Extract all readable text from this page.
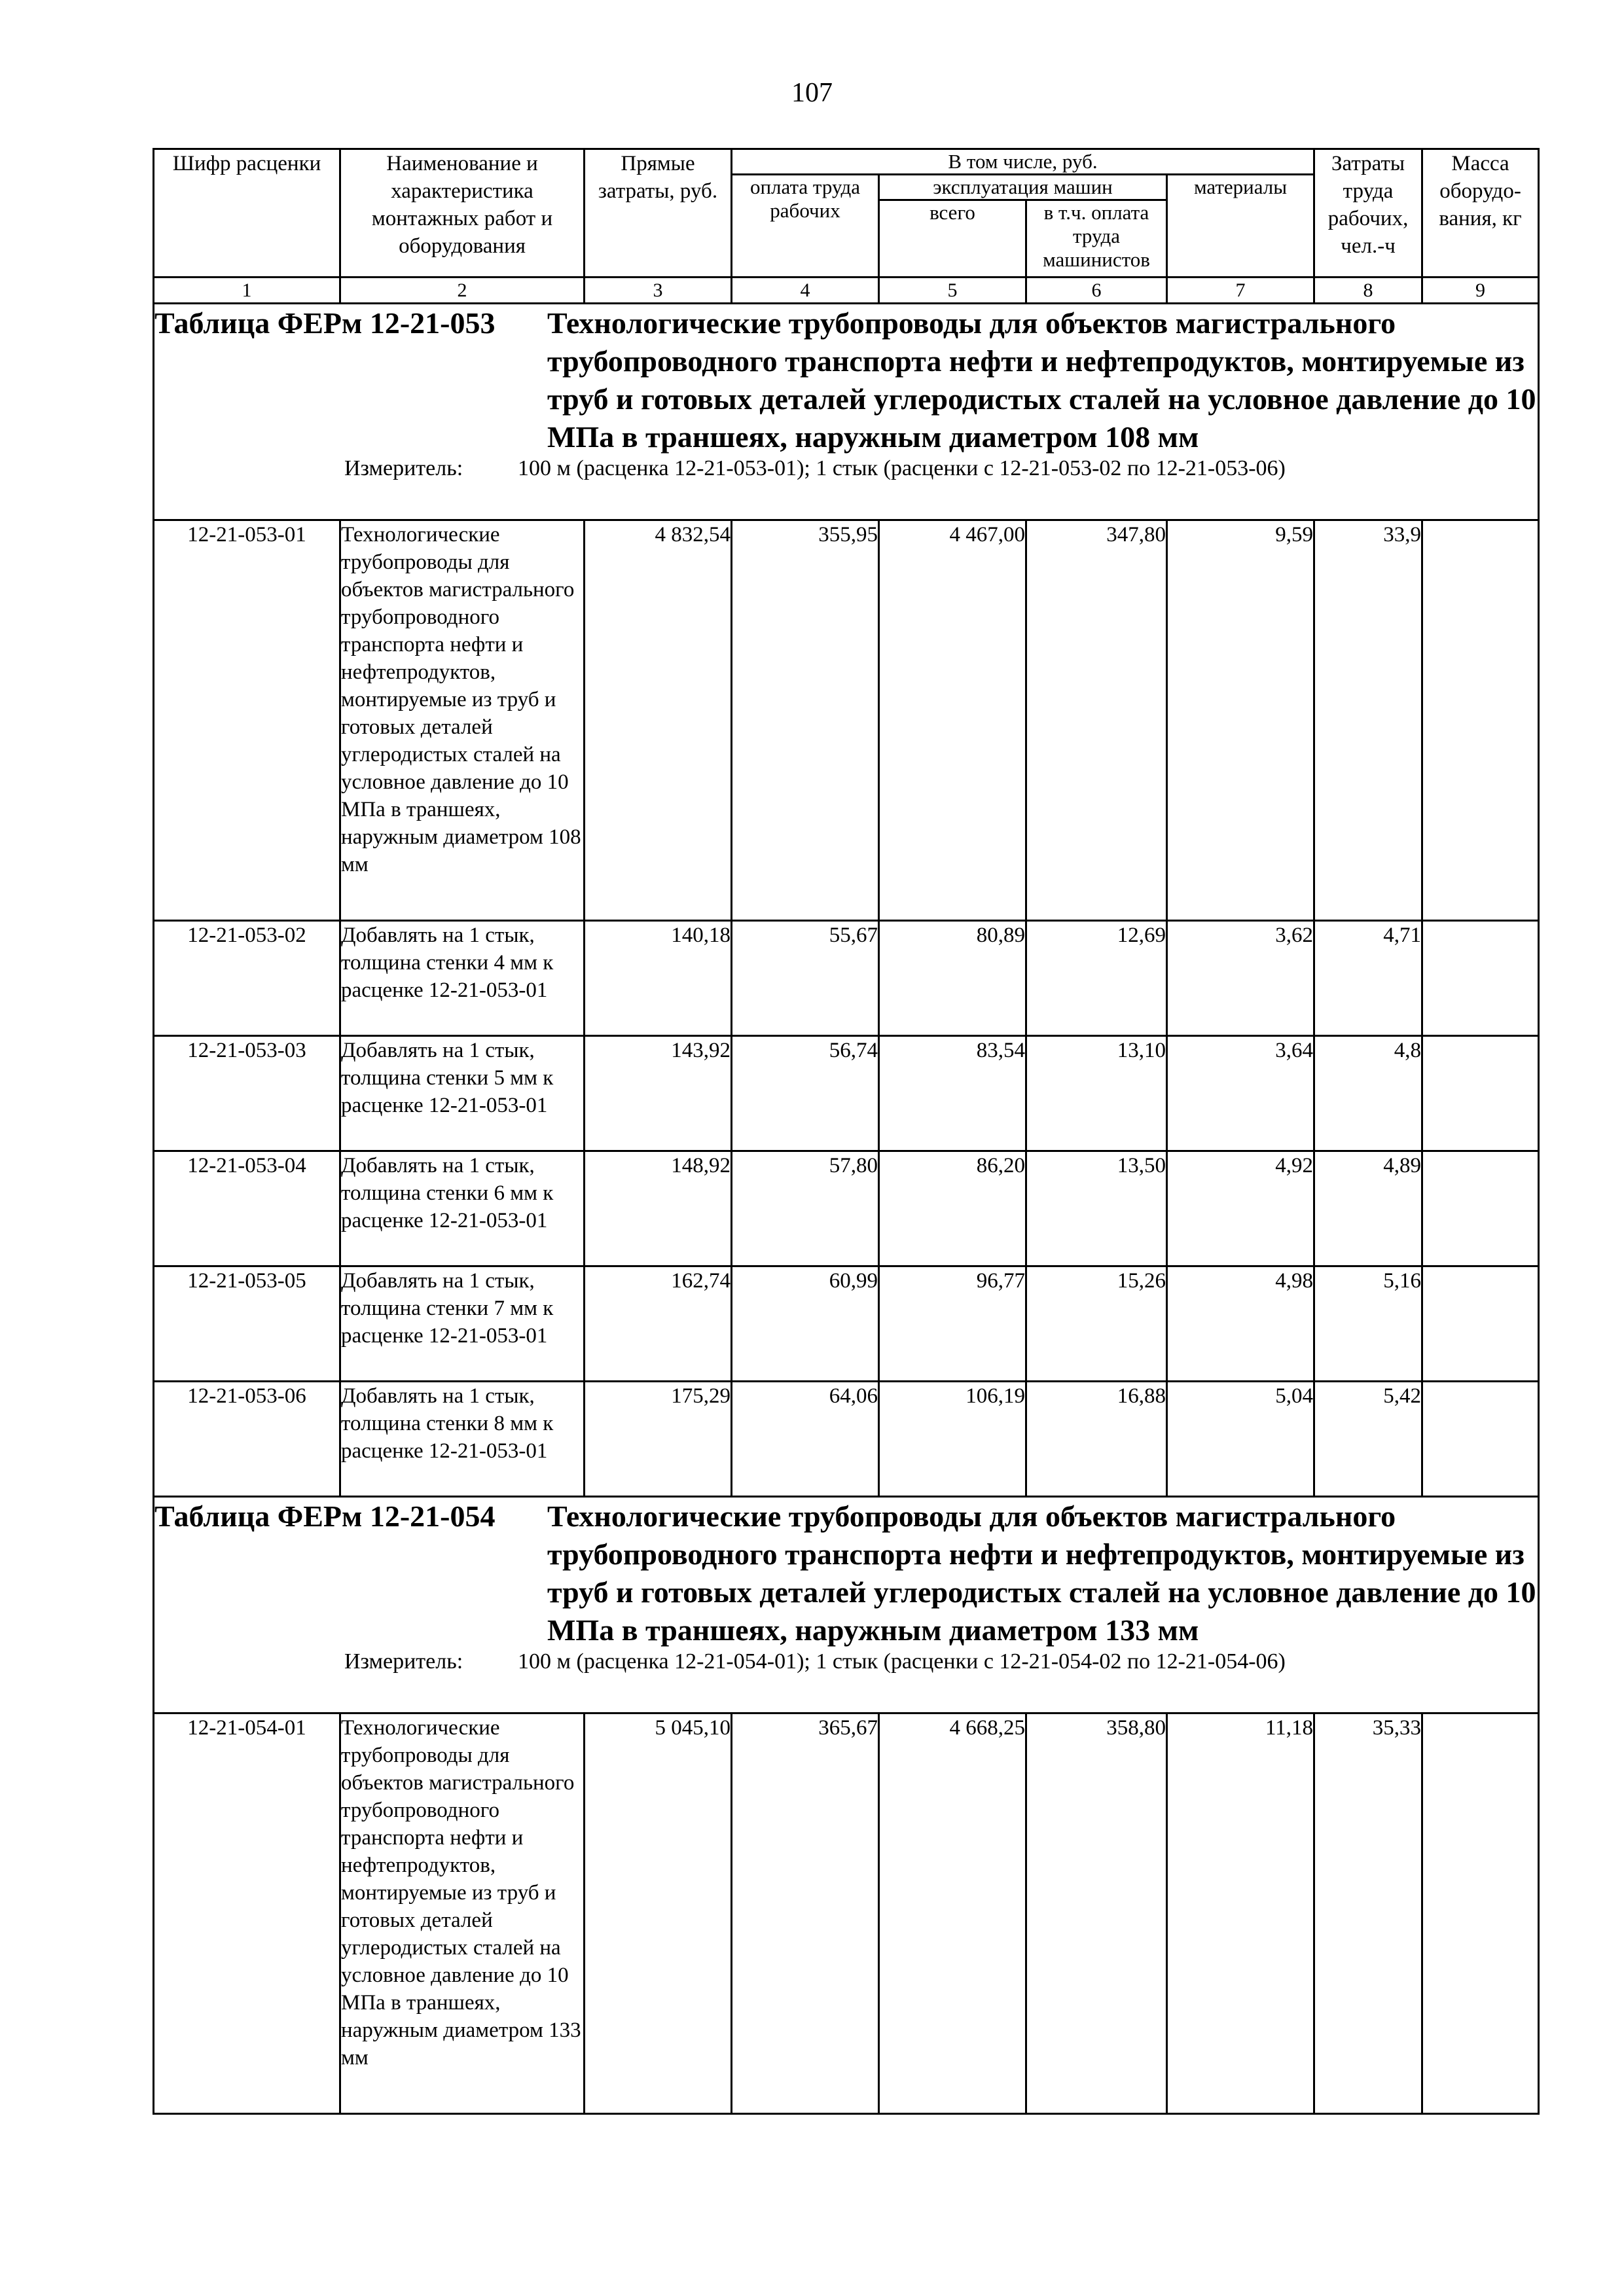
107
Шифр расценки	Наименование и характеристика монтажных работ и оборудования	Прямые затраты, руб.	В том числе, руб.				Затраты труда рабочих, чел.-ч	Масса оборудо-вания, кг
			оплата труда рабочих	эксплуатация машин		материалы		
				всего	в т.ч. оплата труда машинистов			
1	2	3	4	5	6	7	8	9

Таблица ФЕРм 12-21-053 Технологические трубопроводы для объектов магистрального трубопроводного транспорта нефти и нефтепродуктов, монтируемые из труб и готовых деталей углеродистых сталей на условное давление до 10 МПа в траншеях, наружным диаметром 108 мм
Измеритель: 100 м (расценка 12-21-053-01); 1 стык (расценки с 12-21-053-02 по 12-21-053-06)								

12-21-053-01	Технологические трубопроводы для объектов магистрального трубопроводного транспорта нефти и нефтепродуктов, монтируемые из труб и готовых деталей углеродистых сталей на условное давление до 10 МПа в траншеях, наружным диаметром 108 мм	4 832,54	355,95	4 467,00	347,80	9,59	33,9	
12-21-053-02	Добавлять на 1 стык, толщина стенки 4 мм к расценке 12-21-053-01	140,18	55,67	80,89	12,69	3,62	4,71	
12-21-053-03	Добавлять на 1 стык, толщина стенки 5 мм к расценке 12-21-053-01	143,92	56,74	83,54	13,10	3,64	4,8	
12-21-053-04	Добавлять на 1 стык, толщина стенки 6 мм к расценке 12-21-053-01	148,92	57,80	86,20	13,50	4,92	4,89	
12-21-053-05	Добавлять на 1 стык, толщина стенки 7 мм к расценке 12-21-053-01	162,74	60,99	96,77	15,26	4,98	5,16	
12-21-053-06	Добавлять на 1 стык, толщина стенки 8 мм к расценке 12-21-053-01	175,29	64,06	106,19	16,88	5,04	5,42	

Таблица ФЕРм 12-21-054 Технологические трубопроводы для объектов магистрального трубопроводного транспорта нефти и нефтепродуктов, монтируемые из труб и готовых деталей углеродистых сталей на условное давление до 10 МПа в траншеях, наружным диаметром 133 мм
Измеритель: 100 м (расценка 12-21-054-01); 1 стык (расценки с 12-21-054-02 по 12-21-054-06)								

12-21-054-01	Технологические трубопроводы для объектов магистрального трубопроводного транспорта нефти и нефтепродуктов, монтируемые из труб и готовых деталей углеродистых сталей на условное давление до 10 МПа в траншеях, наружным диаметром 133 мм	5 045,10	365,67	4 668,25	358,80	11,18	35,33	
